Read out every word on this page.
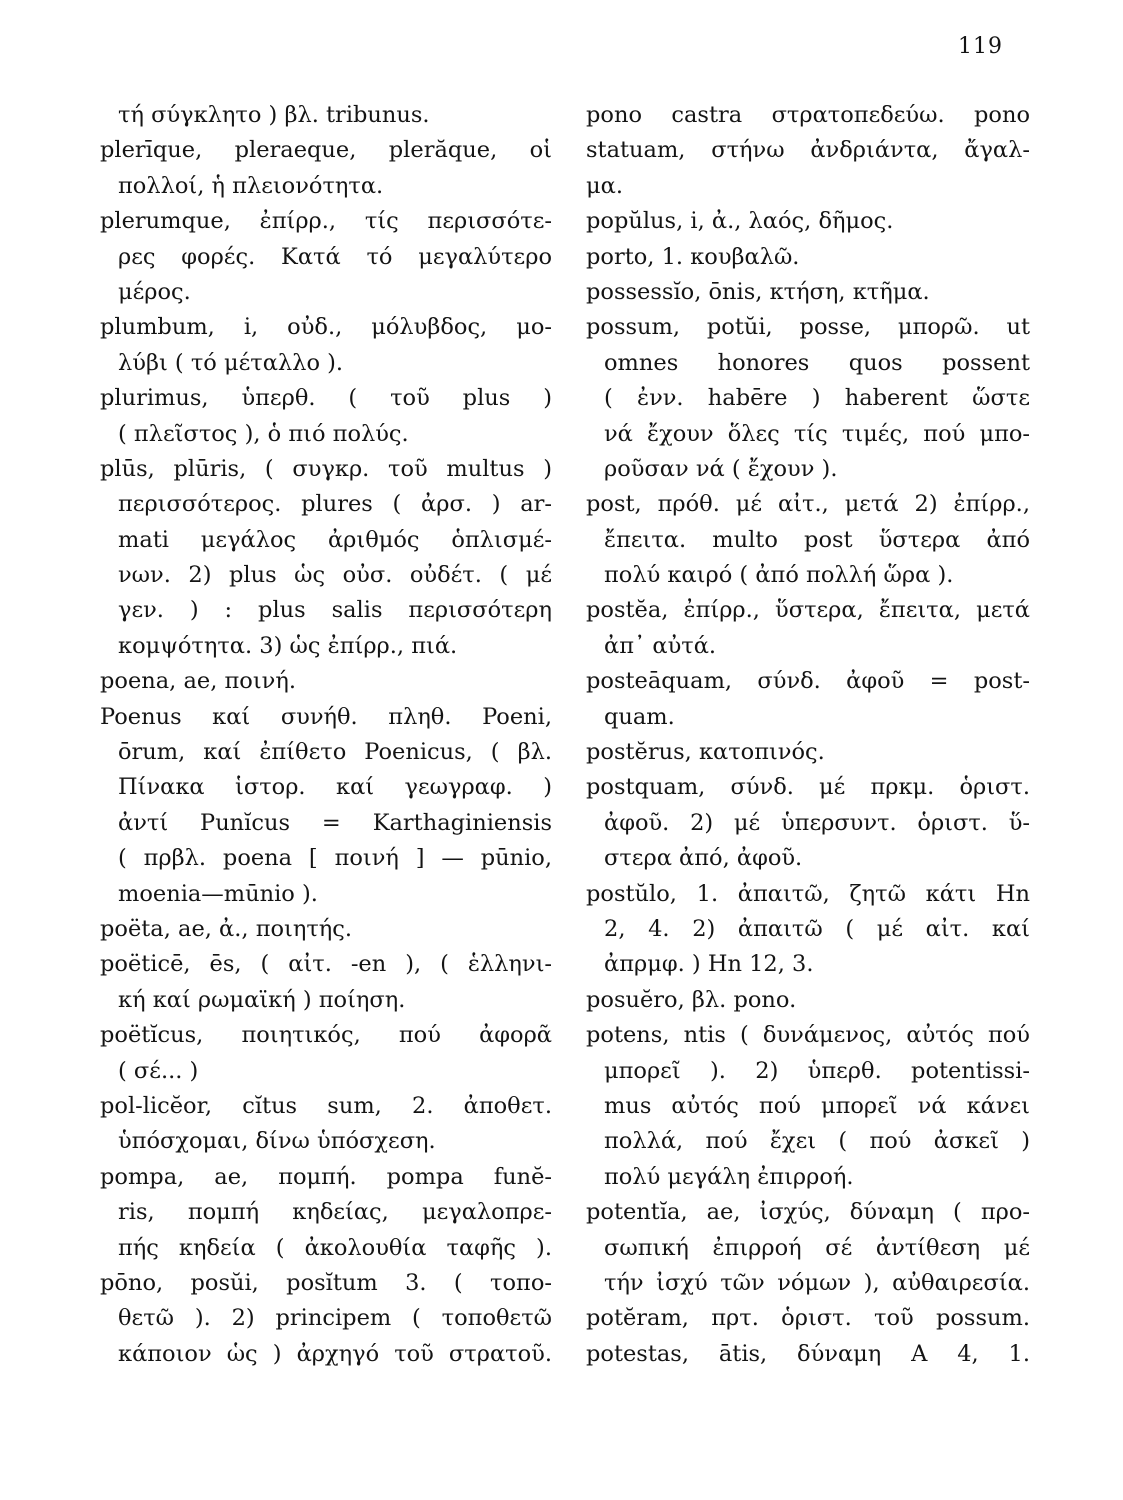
119
τή σύγκλητο ) βλ. tribunus.
plerīque, pleraeque, plerăque, οἱ
πολλοί, ἡ πλειονότητα.
plerumque, ἐπίρρ., τίς περισσότε-
ρες φορές. Κατά τό μεγαλύτερο
μέρος.
plumbum, i, οὐδ., μόλυβδος, μο-
λύβι ( τό μέταλλο ).
plurimus, ὑπερθ. ( τοῦ plus )
( πλεῖστος ), ὁ πιό πολύς.
plūs, plūris, ( συγκρ. τοῦ multus )
περισσότερος. plures ( ἀρσ. ) ar-
mati μεγάλος ἀριθμός ὁπλισμέ-
νων. 2) plus ὡς οὐσ. οὐδέτ. ( μέ
γεν. ) : plus salis περισσότερη
κομψότητα. 3) ὡς ἐπίρρ., πιά.
poena, ae, ποινή.
Poenus καί συνήθ. πληθ. Poeni,
ōrum, καί ἐπίθετο Poenicus, ( βλ.
Πίνακα ἱστορ. καί γεωγραφ. )
ἀντί Punĭcus = Karthaginiensis
( πρβλ. poena [ ποινή ] — pūnio,
moenia—mūnio ).
poëta, ae, ἀ., ποιητής.
poëticē, ēs, ( αἰτ. -en ), ( ἑλληνι-
κή καί ρωμαϊκή ) ποίηση.
poëtĭcus, ποιητικός, πού ἀφορᾶ
( σέ... )
pol-licĕor, cĭtus sum, 2. ἀποθετ.
ὑπόσχομαι, δίνω ὑπόσχεση.
pompa, ae, πομπή. pompa funĕ-
ris, πομπή κηδείας, μεγαλοπρε-
πής κηδεία ( ἀκολουθία ταφῆς ).
pōno, posŭi, posĭtum 3. ( τοπο-
θετῶ ). 2) principem ( τοποθετῶ
κάποιον ὡς ) ἀρχηγό τοῦ στρατοῦ.
pono castra στρατοπεδεύω. pono
statuam, στήνω ἀνδριάντα, ἄγαλ-
μα.
popŭlus, i, ἀ., λαός, δῆμος.
porto, 1. κουβαλῶ.
possessĭo, ōnis, κτήση, κτῆμα.
possum, potŭi, posse, μπορῶ. ut
omnes honores quos possent
( ἐνν. habēre ) haberent ὥστε
νά ἔχουν ὅλες τίς τιμές, πού μπο-
ροῦσαν νά ( ἔχουν ).
post, πρόθ. μέ αἰτ., μετά 2) ἐπίρρ.,
ἔπειτα. multo post ὕστερα ἀπό
πολύ καιρό ( ἀπό πολλή ὥρα ).
postĕa, ἐπίρρ., ὕστερα, ἔπειτα, μετά
ἀπ᾽ αὐτά.
posteāquam, σύνδ. ἀφοῦ = post-
quam.
postĕrus, κατοπινός.
postquam, σύνδ. μέ πρκμ. ὁριστ.
ἀφοῦ. 2) μέ ὑπερσυντ. ὁριστ. ὕ-
στερα ἀπό, ἀφοῦ.
postŭlo, 1. ἀπαιτῶ, ζητῶ κάτι Hn
2, 4. 2) ἀπαιτῶ ( μέ αἰτ. καί
ἀπρμφ. ) Hn 12, 3.
posuĕro, βλ. pono.
potens, ntis ( δυνάμενος, αὐτός πού
μπορεῖ ). 2) ὑπερθ. potentissi-
mus αὐτός πού μπορεῖ νά κάνει
πολλά, πού ἔχει ( πού ἀσκεῖ )
πολύ μεγάλη ἐπιρροή.
potentĭa, ae, ἰσχύς, δύναμη ( προ-
σωπική ἐπιρροή σέ ἀντίθεση μέ
τήν ἰσχύ τῶν νόμων ), αὐθαιρεσία.
potĕram, πρτ. ὁριστ. τοῦ possum.
potestas, ātis, δύναμη A 4, 1.
